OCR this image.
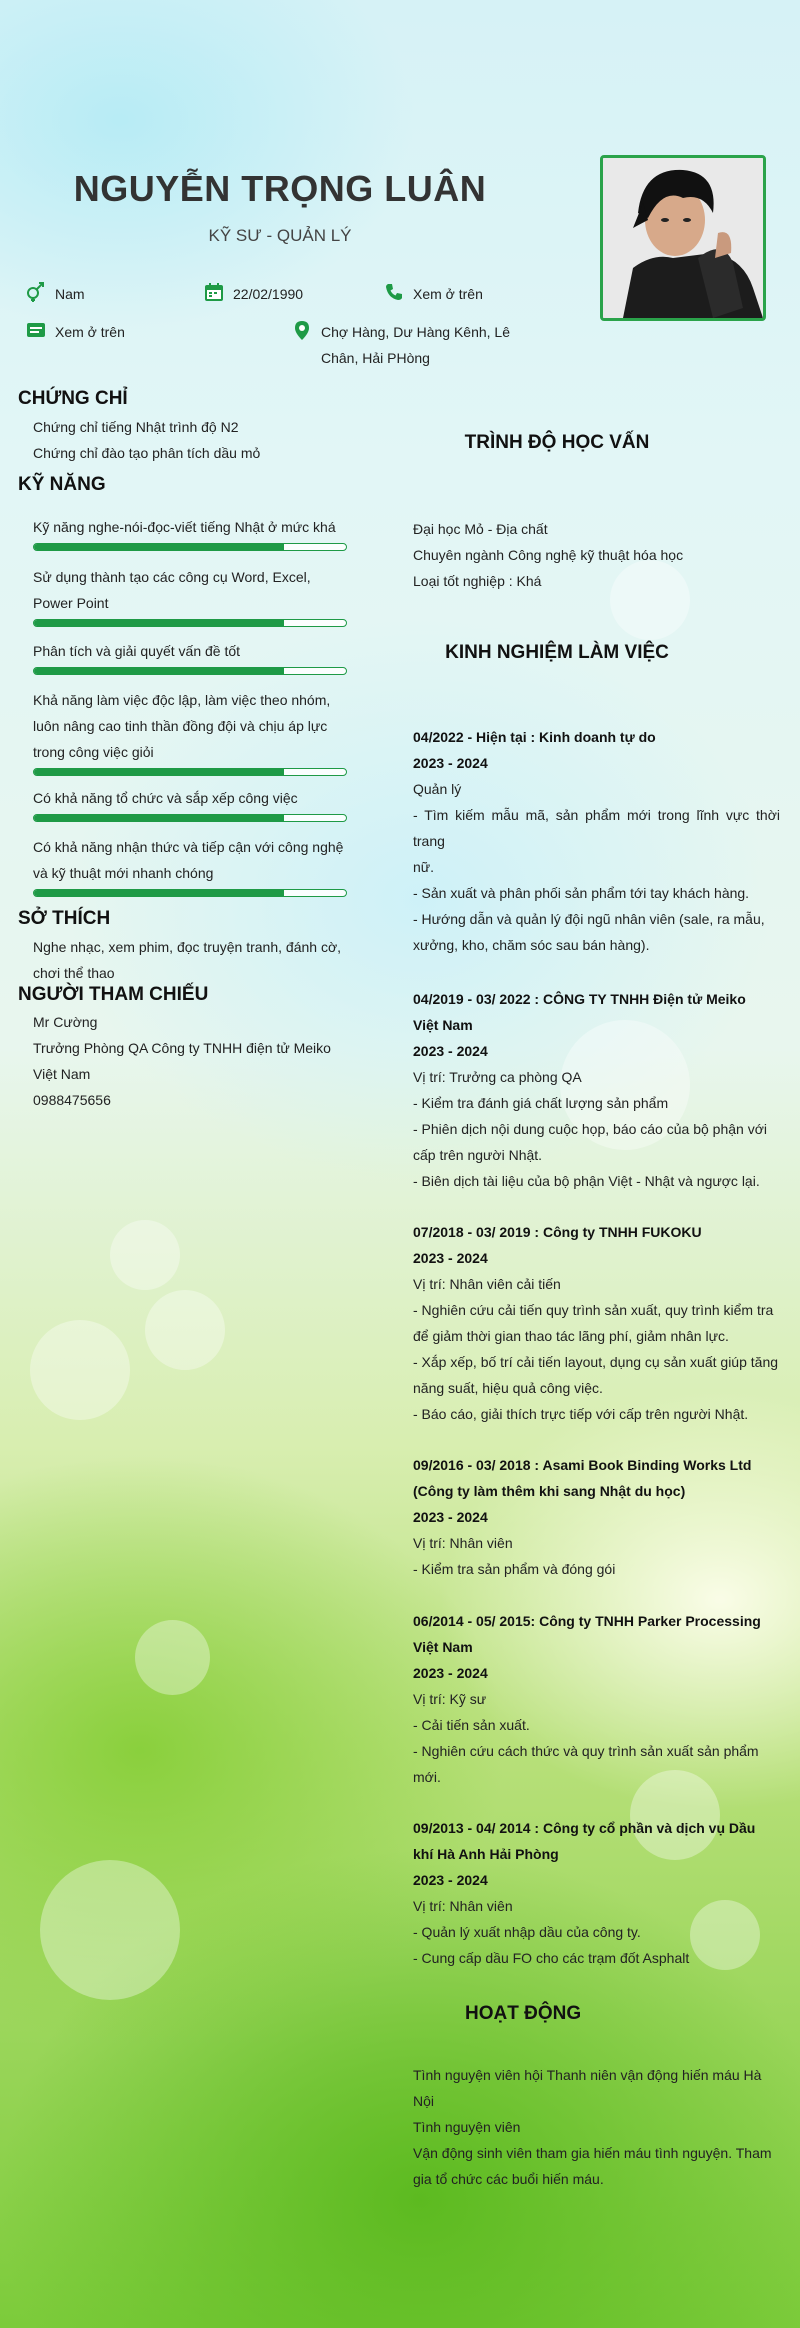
NGUYỄN TRỌNG LUÂN
KỸ SƯ - QUẢN LÝ
Nam	22/02/1990	Xem ở trên
Xem ở trên	Chợ Hàng, Dư Hàng Kênh, Lê
Chân, Hải PHòng
CHỨNG CHỈ
Chứng chỉ tiếng Nhật trình độ N2
Chứng chỉ đào tạo phân tích dầu mỏ
KỸ NĂNG
Kỹ năng nghe-nói-đọc-viết tiếng Nhật ở mức khá
Sử dụng thành tạo các công cụ Word, Excel,
Power Point
Phân tích và giải quyết vấn đề tốt
Khả năng làm việc độc lập, làm việc theo nhóm,
luôn nâng cao tinh thần đồng đội và chịu áp lực
trong công việc giỏi
Có khả năng tổ chức và sắp xếp công việc
Có khả năng nhận thức và tiếp cận với công nghệ
và kỹ thuật mới nhanh chóng
SỞ THÍCH
Nghe nhạc, xem phim, đọc truyện tranh, đánh cờ,
chơi thể thao
NGƯỜI THAM CHIẾU
Mr Cường
Trưởng Phòng QA Công ty TNHH điện tử Meiko
Việt Nam
0988475656
TRÌNH ĐỘ HỌC VẤN
Đại học Mỏ - Địa chất
Chuyên ngành Công nghệ kỹ thuật hóa học
Loại tốt nghiệp : Khá
KINH NGHIỆM LÀM VIỆC
04/2022 - Hiện tại : Kinh doanh tự do
2023 - 2024
Quản lý
- Tìm kiếm mẫu mã, sản phẩm mới trong lĩnh vực thời trang
nữ.
- Sản xuất và phân phối sản phẩm tới tay khách hàng.
- Hướng dẫn và quản lý đội ngũ nhân viên (sale, ra mẫu,
xưởng, kho, chăm sóc sau bán hàng).
04/2019 - 03/ 2022 : CÔNG TY TNHH Điện tử Meiko
Việt Nam
2023 - 2024
Vị trí: Trưởng ca phòng QA
- Kiểm tra đánh giá chất lượng sản phẩm
- Phiên dịch nội dung cuộc họp, báo cáo của bộ phận với
cấp trên người Nhật.
- Biên dịch tài liệu của bộ phận Việt - Nhật và ngược lại.
07/2018 - 03/ 2019 : Công ty TNHH FUKOKU
2023 - 2024
Vị trí: Nhân viên cải tiến
- Nghiên cứu cải tiến quy trình sản xuất, quy trình kiểm tra
để giảm thời gian thao tác lãng phí, giảm nhân lực.
- Xắp xếp, bố trí cải tiến layout, dụng cụ sản xuất giúp tăng
năng suất, hiệu quả công việc.
- Báo cáo, giải thích trực tiếp với cấp trên người Nhật.
09/2016 - 03/ 2018 : Asami Book Binding Works Ltd
(Công ty làm thêm khi sang Nhật du học)
2023 - 2024
Vị trí: Nhân viên
- Kiểm tra sản phẩm và đóng gói
06/2014 - 05/ 2015: Công ty TNHH Parker Processing
Việt Nam
2023 - 2024
Vị trí: Kỹ sư
- Cải tiến sản xuất.
- Nghiên cứu cách thức và quy trình sản xuất sản phẩm
mới.
09/2013 - 04/ 2014 : Công ty cổ phần và dịch vụ Dầu
khí Hà Anh Hải Phòng
2023 - 2024
Vị trí: Nhân viên
- Quản lý xuất nhập dầu của công ty.
- Cung cấp dầu FO cho các trạm đốt Asphalt
HOẠT ĐỘNG
Tình nguyện viên hội Thanh niên vận động hiến máu Hà
Nội
Tình nguyện viên
Vận động sinh viên tham gia hiến máu tình nguyện. Tham
gia tổ chức các buổi hiến máu.
